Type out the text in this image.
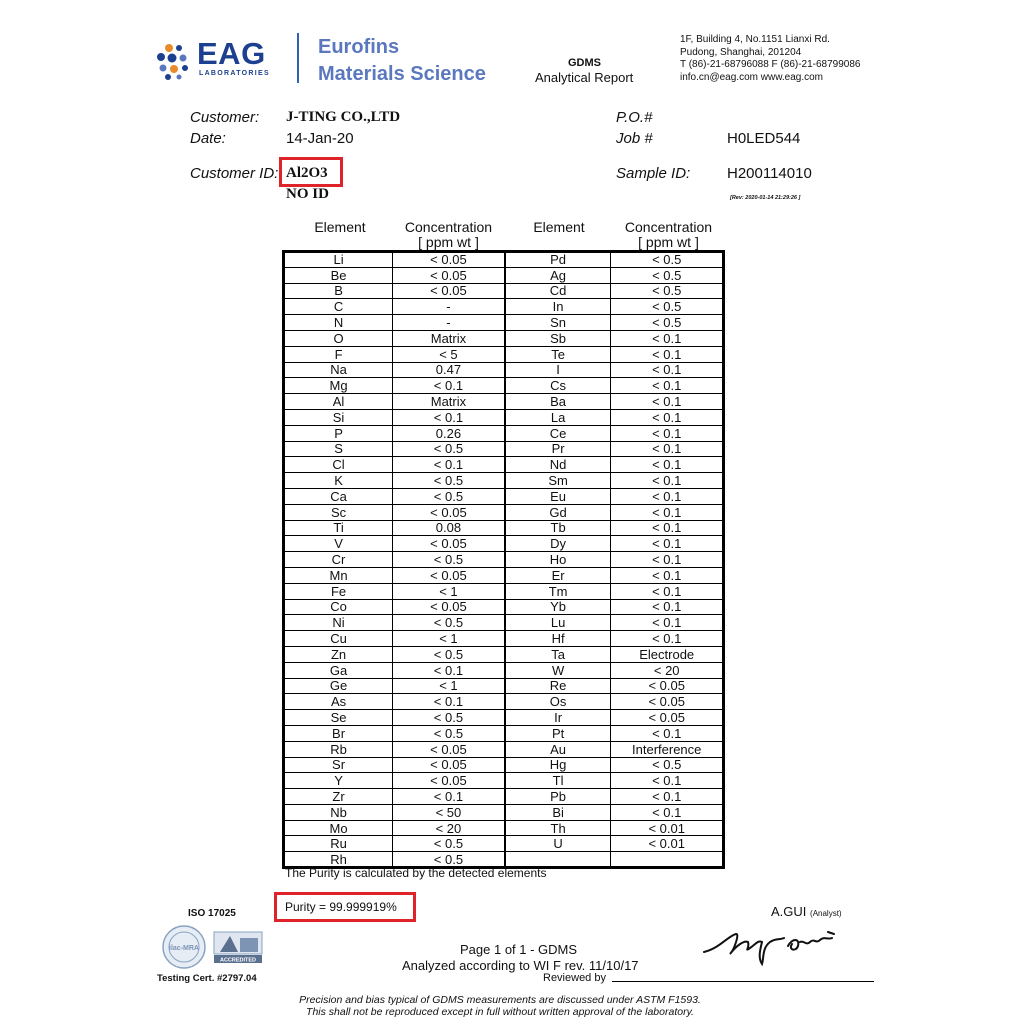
EAG
LABORATORIES
Eurofins
Materials Science	GDMS
Analytical Report
1F, Building 4, No.1151 Lianxi Rd.
Pudong, Shanghai, 201204
T (86)-21-68796088 F (86)-21-68799086
info.cn@eag.com www.eag.com
Customer: J-TING CO.,LTD
Date:	14-Jan-20
Customer ID: Al2O3
NO ID
P.O.#
Job #	H0LED544
Sample ID: H200114010
[Rev: 2020-01-14 21:29:26 ]
Element	Concentration
[ ppm wt ]
Element	Concentration
[ ppm wt ]
Li	< 0.05	Pd	< 0.5
Be	< 0.05	Ag	< 0.5
B	< 0.05	Cd	< 0.5
C	-	In	< 0.5
N	-	Sn	< 0.5
O	Matrix	Sb	< 0.1
F	< 5	Te	< 0.1
Na	0.47	I	< 0.1
Mg	< 0.1	Cs	< 0.1
Al	Matrix	Ba	< 0.1
Si	< 0.1	La	< 0.1
P	0.26	Ce	< 0.1
S	< 0.5	Pr	< 0.1
Cl	< 0.1	Nd	< 0.1
K	< 0.5	Sm	< 0.1
Ca	< 0.5	Eu	< 0.1
Sc	< 0.05	Gd	< 0.1
Ti	0.08	Tb	< 0.1
V	< 0.05	Dy	< 0.1
Cr	< 0.5	Ho	< 0.1
Mn	< 0.05	Er	< 0.1
Fe	< 1	Tm	< 0.1
Co	< 0.05	Yb	< 0.1
Ni	< 0.5	Lu	< 0.1
Cu	< 1	Hf	< 0.1
Zn	< 0.5	Ta	Electrode
Ga	< 0.1	W	< 20
Ge	< 1	Re	< 0.05
As	< 0.1	Os	< 0.05
Se	< 0.5	Ir	< 0.05
Br	< 0.5	Pt	< 0.1
Rb	< 0.05	Au	Interference
Sr	< 0.05	Hg	< 0.5
Y	< 0.05	Tl	< 0.1
Zr	< 0.1	Pb	< 0.1
Nb	< 50	Bi	< 0.1
Mo	< 20	Th	< 0.01
Ru	< 0.5	U	< 0.01
Rh	< 0.5		
The Purity is calculated by the detected elements
Purity = 99.999919%
ISO 17025
ilac-MRA
ACCREDITED
Testing Cert. #2797.04
A.GUI (Analyst)
Page 1 of 1 - GDMS
Analyzed according to WI F rev. 11/10/17
Reviewed by
Precision and bias typical of GDMS measurements are discussed under ASTM F1593.
This shall not be reproduced except in full without written approval of the laboratory.
